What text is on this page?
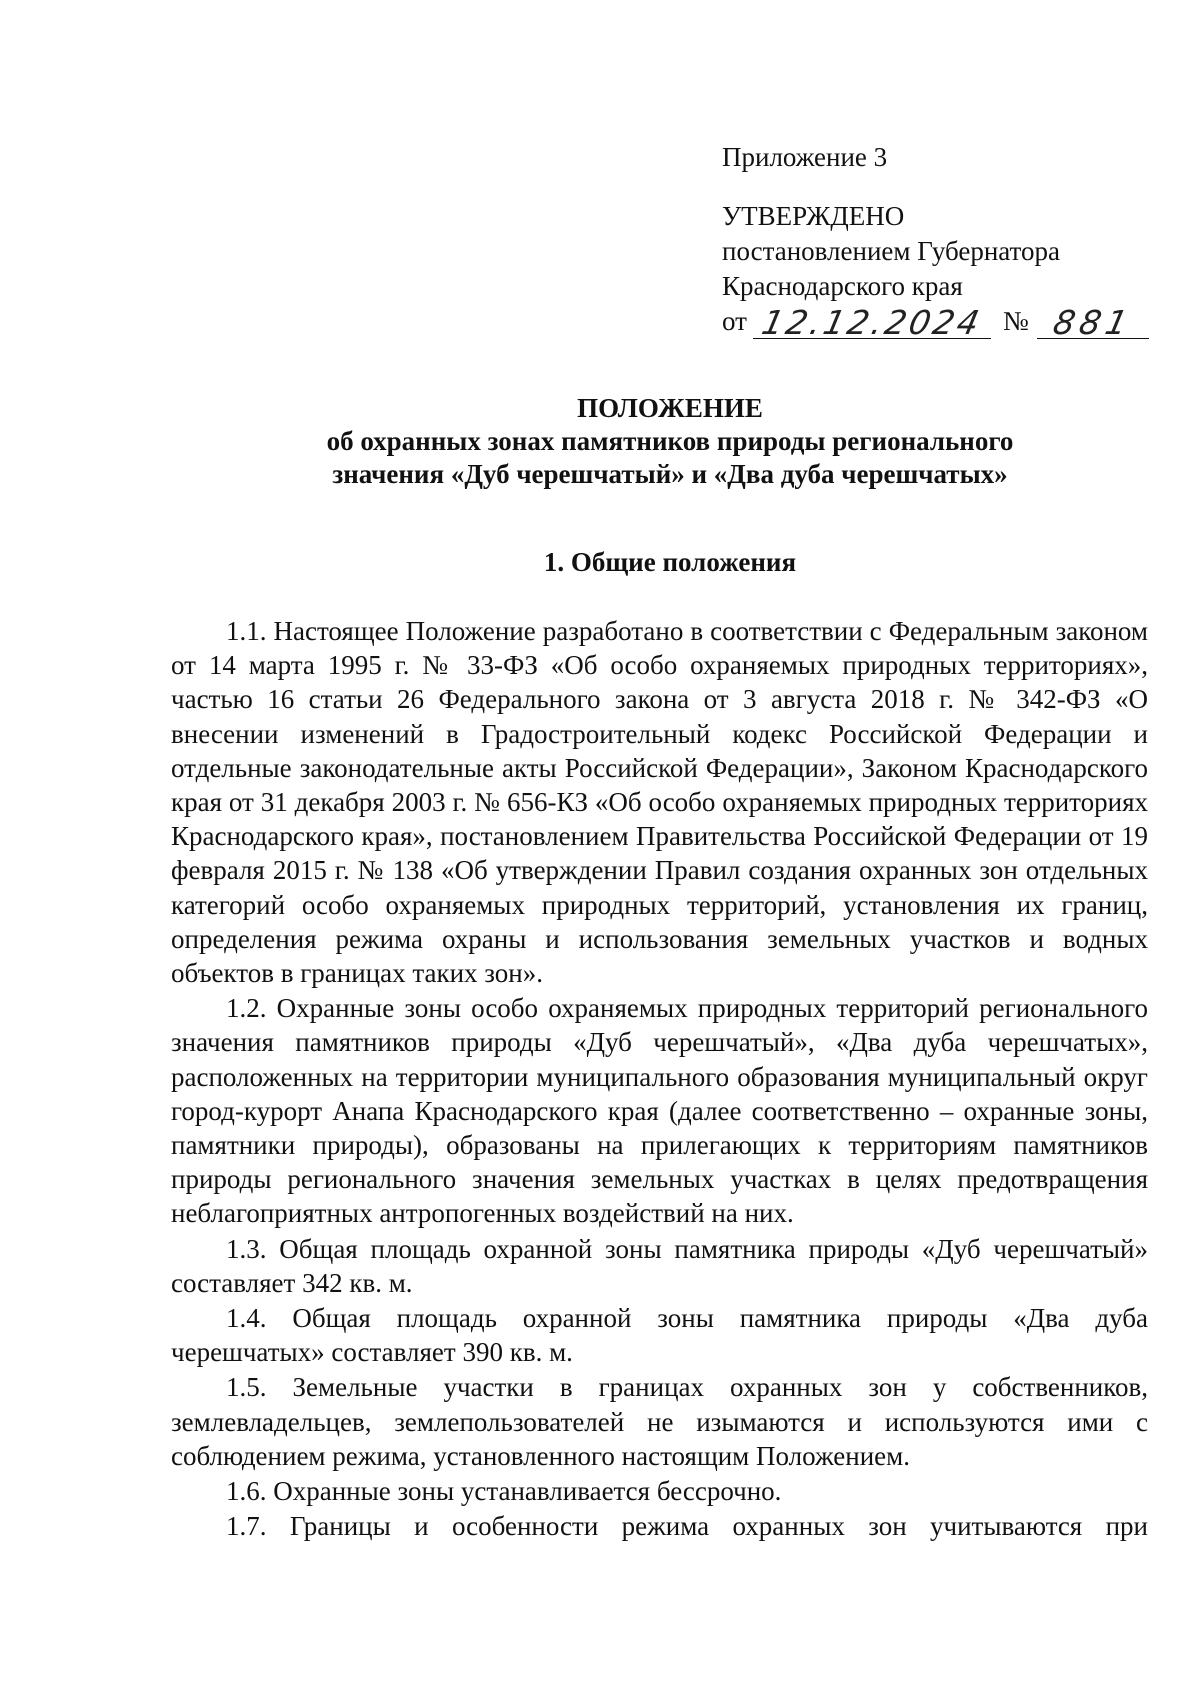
Приложение 3
УТВЕРЖДЕНО
постановлением Губернатора
Краснодарского края
от 12.12.2024 № 881
ПОЛОЖЕНИЕ
об охранных зонах памятников природы регионального
значения «Дуб черешчатый» и «Два дуба черешчатых»
1. Общие положения

1.1. Настоящее Положение разработано в соответствии с Федеральным законом от 14 марта 1995 г. № 33-ФЗ «Об особо охраняемых природных территориях», частью 16 статьи 26 Федерального закона от 3 августа 2018 г. № 342-ФЗ «О внесении изменений в Градостроительный кодекс Российской Федерации и отдельные законодательные акты Российской Федерации», Законом Краснодарского края от 31 декабря 2003 г. № 656-КЗ «Об особо охраняемых природных территориях Краснодарского края», постановлением Правительства Российской Федерации от 19 февраля 2015 г. № 138 «Об утверждении Правил создания охранных зон отдельных категорий особо охраняемых природных территорий, установления их границ, определения режима охраны и использования земельных участков и водных объектов в границах таких зон».

1.2. Охранные зоны особо охраняемых природных территорий регионального значения памятников природы «Дуб черешчатый», «Два дуба черешчатых», расположенных на территории муниципального образования муниципальный округ город-курорт Анапа Краснодарского края (далее соответственно – охранные зоны, памятники природы), образованы на прилегающих к территориям памятников природы регионального значения земельных участках в целях предотвращения неблагоприятных антропогенных воздействий на них.

1.3. Общая площадь охранной зоны памятника природы «Дуб черешчатый» составляет 342 кв. м.

1.4. Общая площадь охранной зоны памятника природы «Два дуба черешчатых» составляет 390 кв. м.

1.5. Земельные участки в границах охранных зон у собственников, землевладельцев, землепользователей не изымаются и используются ими с соблюдением режима, установленного настоящим Положением.

1.6. Охранные зоны устанавливается бессрочно.

1.7. Границы и особенности режима охранных зон учитываются при
